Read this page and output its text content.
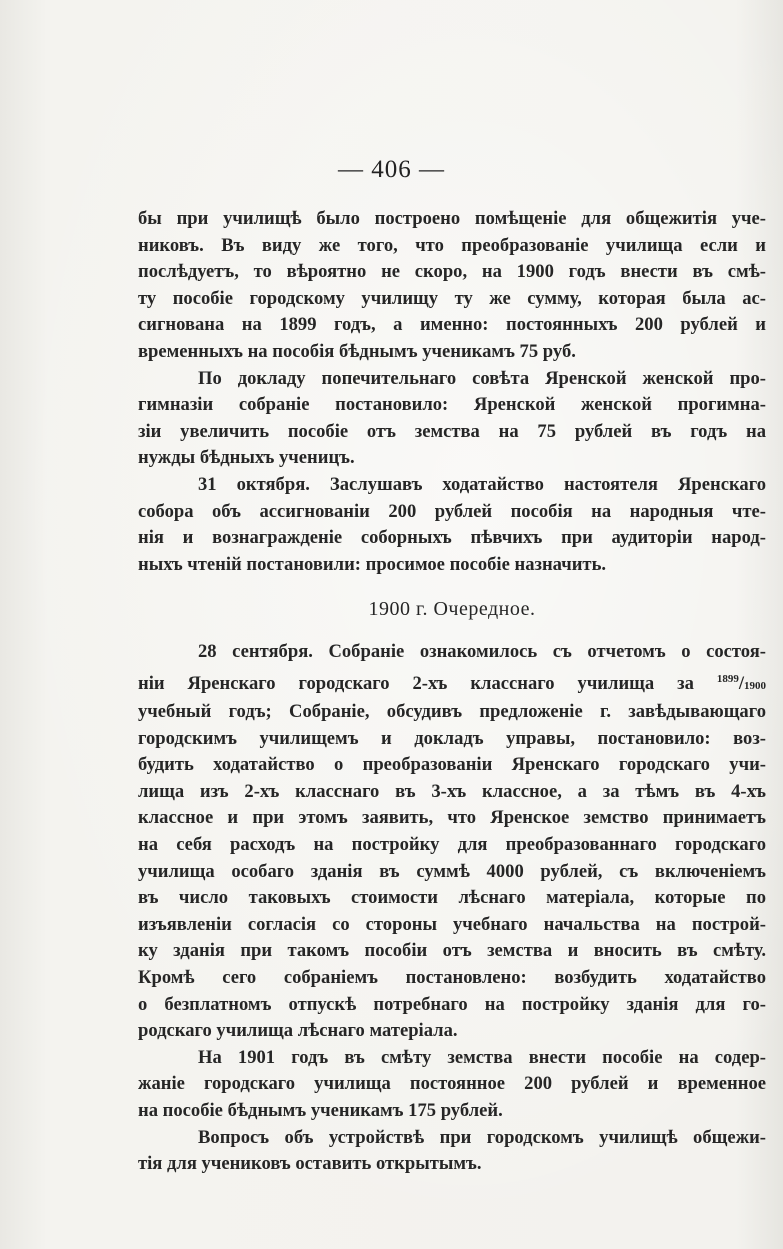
— 406 —
бы при училищѣ было построено помѣщеніе для общежитія уче-
никовъ. Въ виду же того, что преобразованіе училища если и
послѣдуетъ, то вѣроятно не скоро, на 1900 годъ внести въ смѣ-
ту пособіе городскому училищу ту же сумму, которая была ас-
сигнована на 1899 годъ, а именно: постоянныхъ 200 рублей и
временныхъ на пособія бѣднымъ ученикамъ 75 руб.
По докладу попечительнаго совѣта Яренской женской про-
гимназіи собраніе постановило: Яренской женской прогимна-
зіи увеличить пособіе отъ земства на 75 рублей въ годъ на
нужды бѣдныхъ ученицъ.
31 октября. Заслушавъ ходатайство настоятеля Яренскаго
собора объ ассигнованіи 200 рублей пособія на народныя чте-
нія и вознагражденіе соборныхъ пѣвчихъ при аудиторіи народ-
ныхъ чтеній постановили: просимое пособіе назначить.
1900 г. Очередное.
28 сентября. Собраніе ознакомилось съ отчетомъ о состоя-
ніи Яренскаго городскаго 2-хъ класснаго училища за $^{1899}$/1900
учебный годъ; Собраніе, обсудивъ предложеніе г. завѣдывающаго
городскимъ училищемъ и докладъ управы, постановило: воз-
будить ходатайство о преобразованіи Яренскаго городскаго учи-
лища изъ 2-хъ класснаго въ 3-хъ классное, а за тѣмъ въ 4-хъ
классное и при этомъ заявить, что Яренское земство принимаетъ
на себя расходъ на постройку для преобразованнаго городскаго
училища особаго зданія въ суммѣ 4000 рублей, съ включеніемъ
въ число таковыхъ стоимости лѣснаго матеріала, которые по
изъявленіи согласія со стороны учебнаго начальства на построй-
ку зданія при такомъ пособіи отъ земства и вносить въ смѣту.
Кромѣ сего собраніемъ постановлено: возбудить ходатайство
о безплатномъ отпускѣ потребнаго на постройку зданія для го-
родскаго училища лѣснаго матеріала.
На 1901 годъ въ смѣту земства внести пособіе на содер-
жаніе городскаго училища постоянное 200 рублей и временное
на пособіе бѣднымъ ученикамъ 175 рублей.
Вопросъ объ устройствѣ при городскомъ училищѣ общежи-
тія для учениковъ оставить открытымъ.
